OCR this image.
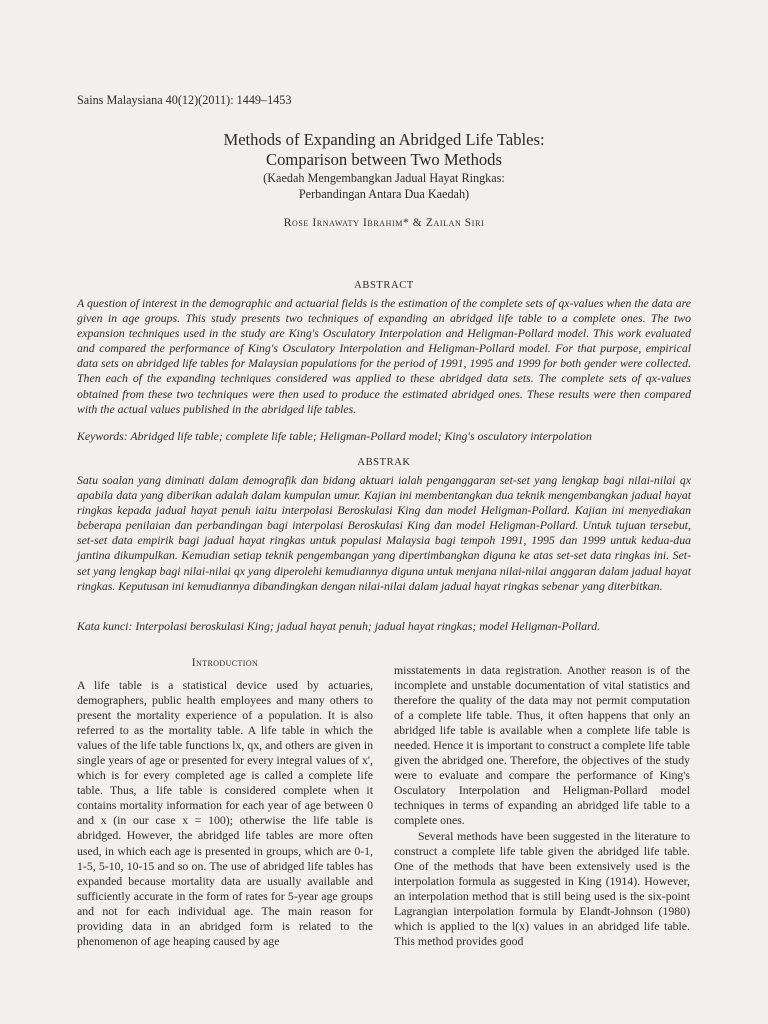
Sains Malaysiana 40(12)(2011): 1449–1453
Methods of Expanding an Abridged Life Tables:
Comparison between Two Methods
(Kaedah Mengembangkan Jadual Hayat Ringkas:
Perbandingan Antara Dua Kaedah)
Rose Irnawaty Ibrahim* & Zailan Siri
ABSTRACT

A question of interest in the demographic and actuarial fields is the estimation of the complete sets of qx-values when the data are given in age groups. This study presents two techniques of expanding an abridged life table to a complete ones. The two expansion techniques used in the study are King's Osculatory Interpolation and Heligman-Pollard model. This work evaluated and compared the performance of King's Osculatory Interpolation and Heligman-Pollard model. For that purpose, empirical data sets on abridged life tables for Malaysian populations for the period of 1991, 1995 and 1999 for both gender were collected. Then each of the expanding techniques considered was applied to these abridged data sets. The complete sets of qx-values obtained from these two techniques were then used to produce the estimated abridged ones. These results were then compared with the actual values published in the abridged life tables.

Keywords: Abridged life table; complete life table; Heligman-Pollard model; King's osculatory interpolation

ABSTRAK

Satu soalan yang diminati dalam demografik dan bidang aktuari ialah penganggaran set-set yang lengkap bagi nilai-nilai qx apabila data yang diberikan adalah dalam kumpulan umur. Kajian ini membentangkan dua teknik mengembangkan jadual hayat ringkas kepada jadual hayat penuh iaitu interpolasi Beroskulasi King dan model Heligman-Pollard. Kajian ini menyediakan beberapa penilaian dan perbandingan bagi interpolasi Beroskulasi King dan model Heligman-Pollard. Untuk tujuan tersebut, set-set data empirik bagi jadual hayat ringkas untuk populasi Malaysia bagi tempoh 1991, 1995 dan 1999 untuk kedua-dua jantina dikumpulkan. Kemudian setiap teknik pengembangan yang dipertimbangkan diguna ke atas set-set data ringkas ini. Set-set yang lengkap bagi nilai-nilai qx yang diperolehi kemudiannya diguna untuk menjana nilai-nilai anggaran dalam jadual hayat ringkas. Keputusan ini kemudiannya dibandingkan dengan nilai-nilai dalam jadual hayat ringkas sebenar yang diterbitkan.

Kata kunci: Interpolasi beroskulasi King; jadual hayat penuh; jadual hayat ringkas; model Heligman-Pollard.

Introduction

A life table is a statistical device used by actuaries, demographers, public health employees and many others to present the mortality experience of a population. It is also referred to as the mortality table. A life table in which the values of the life table functions lx, qx, and others are given in single years of age or presented for every integral values of x', which is for every completed age is called a complete life table. Thus, a life table is considered complete when it contains mortality information for each year of age between 0 and x (in our case x = 100); otherwise the life table is abridged. However, the abridged life tables are more often used, in which each age is presented in groups, which are 0-1, 1-5, 5-10, 10-15 and so on. The use of abridged life tables has expanded because mortality data are usually available and sufficiently accurate in the form of rates for 5-year age groups and not for each individual age. The main reason for providing data in an abridged form is related to the phenomenon of age heaping caused by age

misstatements in data registration. Another reason is of the incomplete and unstable documentation of vital statistics and therefore the quality of the data may not permit computation of a complete life table. Thus, it often happens that only an abridged life table is available when a complete life table is needed. Hence it is important to construct a complete life table given the abridged one. Therefore, the objectives of the study were to evaluate and compare the performance of King's Osculatory Interpolation and Heligman-Pollard model techniques in terms of expanding an abridged life table to a complete ones.

Several methods have been suggested in the literature to construct a complete life table given the abridged life table. One of the methods that have been extensively used is the interpolation formula as suggested in King (1914). However, an interpolation method that is still being used is the six-point Lagrangian interpolation formula by Elandt-Johnson (1980) which is applied to the l(x) values in an abridged life table. This method provides good
